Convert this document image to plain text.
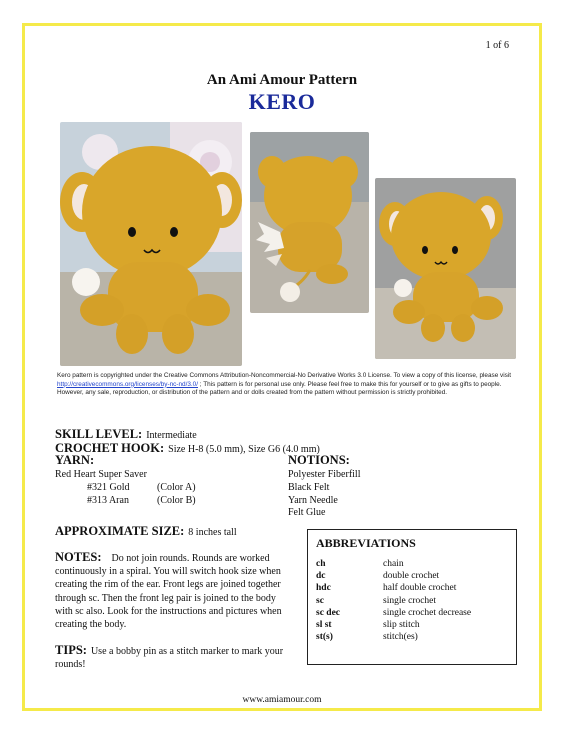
1 of 6
An Ami Amour Pattern
KERO
Kero pattern is copyrighted under the Creative Commons Attribution-Noncommercial-No Derivative Works 3.0 License. To view a copy of this license, please visit http://creativecommons.org/licenses/by-nc-nd/3.0/ ; This pattern is for personal use only. Please feel free to make this for yourself or to give as gifts to people. However, any sale, reproduction, or distribution of the pattern and or dolls created from the pattern without permission is strictly prohibited.
SKILL LEVEL: Intermediate
CROCHET HOOK: Size H-8 (5.0 mm), Size G6 (4.0 mm)
YARN:	NOTIONS:
Red Heart Super Saver
#321 Gold	(Color A)
#313 Aran	(Color B)
Polyester Fiberfill
Black Felt
Yarn Needle
Felt Glue
APPROXIMATE SIZE: 8 inches tall
NOTES: Do not join rounds. Rounds are worked continuously in a spiral. You will switch hook size when creating the rim of the ear. Front legs are joined together through sc. Then the front leg pair is joined to the body with sc also. Look for the instructions and pictures when creating the body.
TIPS: Use a bobby pin as a stitch marker to mark your rounds!
ABBREVIATIONS
ch	chain
dc	double crochet
hdc	half double crochet
sc	single crochet
sc dec	single crochet decrease
sl st	slip stitch
st(s)	stitch(es)
www.amiamour.com
